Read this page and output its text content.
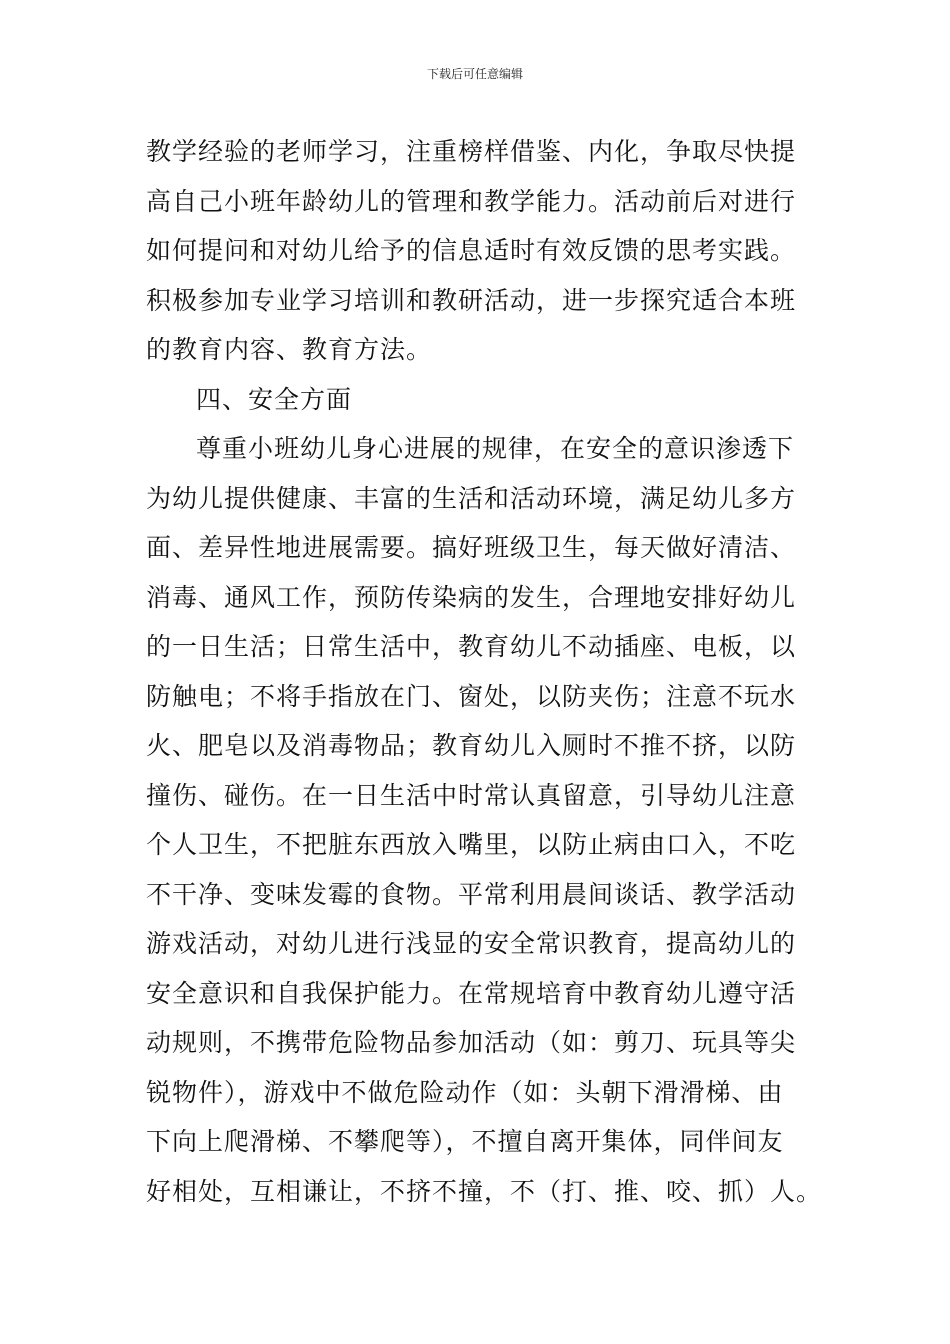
下载后可任意编辑
教学经验的老师学习，注重榜样借鉴、内化，争取尽快提
高自己小班年龄幼儿的管理和教学能力。活动前后对进行
如何提问和对幼儿给予的信息适时有效反馈的思考实践。
积极参加专业学习培训和教研活动，进一步探究适合本班
的教育内容、教育方法。
四、安全方面
尊重小班幼儿身心进展的规律，在安全的意识渗透下
为幼儿提供健康、丰富的生活和活动环境，满足幼儿多方
面、差异性地进展需要。搞好班级卫生，每天做好清洁、
消毒、通风工作，预防传染病的发生，合理地安排好幼儿
的一日生活；日常生活中，教育幼儿不动插座、电板，以
防触电；不将手指放在门、窗处，以防夹伤；注意不玩水
火、肥皂以及消毒物品；教育幼儿入厕时不推不挤，以防
撞伤、碰伤。在一日生活中时常认真留意，引导幼儿注意
个人卫生，不把脏东西放入嘴里，以防止病由口入，不吃
不干净、变味发霉的食物。平常利用晨间谈话、教学活动
游戏活动，对幼儿进行浅显的安全常识教育，提高幼儿的
安全意识和自我保护能力。在常规培育中教育幼儿遵守活
动规则，不携带危险物品参加活动（如：剪刀、玩具等尖
锐物件），游戏中不做危险动作（如：头朝下滑滑梯、由
下向上爬滑梯、不攀爬等），不擅自离开集体，同伴间友
好相处，互相谦让，不挤不撞，不（打、推、咬、抓）人。
